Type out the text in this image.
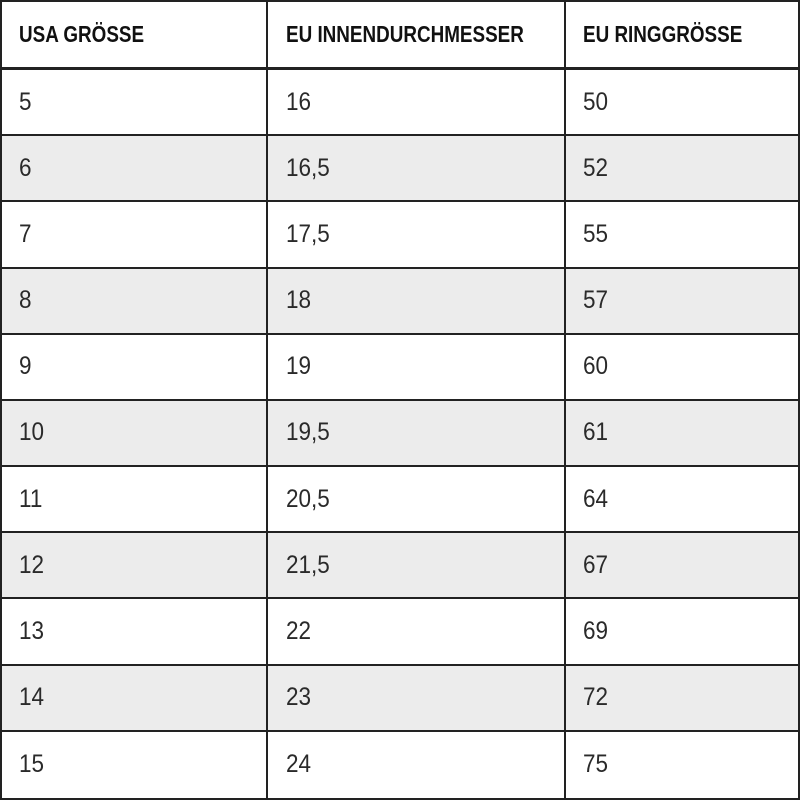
USA GRÖSSE	EU INNENDURCHMESSER	EU RINGGRÖSSE
5	16	50
6	16,5	52
7	17,5	55
8	18	57
9	19	60
10	19,5	61
11	20,5	64
12	21,5	67
13	22	69
14	23	72
15	24	75
